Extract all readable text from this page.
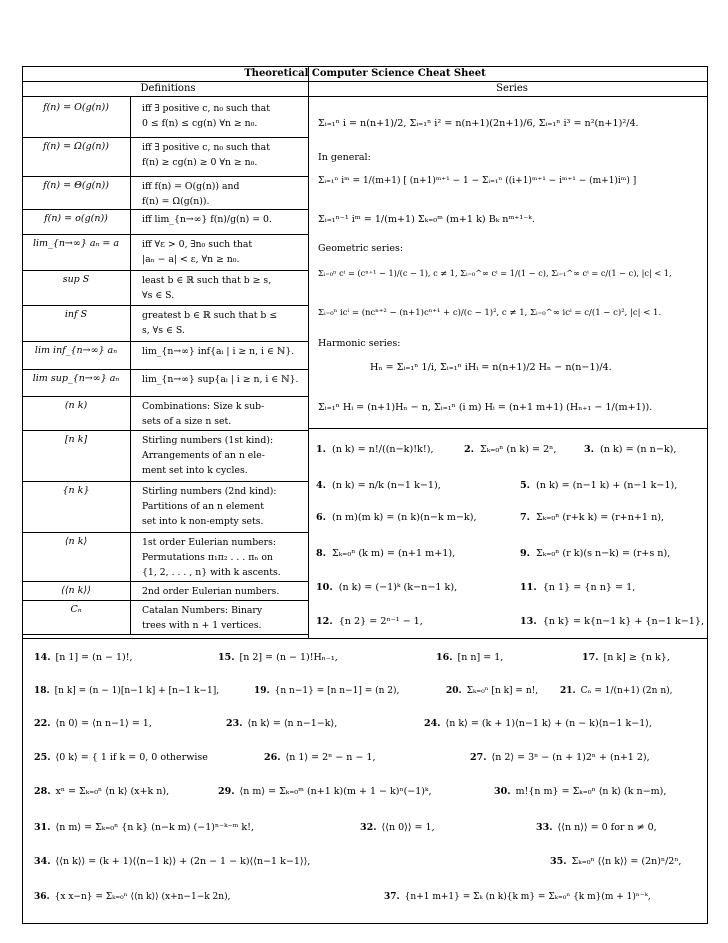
Theoretical Computer Science Cheat Sheet
Definitions	Series
f(n) = O(g(n))	iff ∃ positive c, n₀ such that
0 ≤ f(n) ≤ cg(n) ∀n ≥ n₀.
f(n) = Ω(g(n))	iff ∃ positive c, n₀ such that
f(n) ≥ cg(n) ≥ 0 ∀n ≥ n₀.
f(n) = Θ(g(n))	iff f(n) = O(g(n)) and
f(n) = Ω(g(n)).
f(n) = o(g(n))	iff lim_{n→∞} f(n)/g(n) = 0.
lim_{n→∞} aₙ = a	iff ∀ε > 0, ∃n₀ such that
|aₙ − a| < ε, ∀n ≥ n₀.
sup S	least b ∈ ℝ such that b ≥ s,
∀s ∈ S.
inf S	greatest b ∈ ℝ such that b ≤
s, ∀s ∈ S.
lim inf_{n→∞} aₙ	lim_{n→∞} inf{aᵢ | i ≥ n, i ∈ ℕ}.
lim sup_{n→∞} aₙ	lim_{n→∞} sup{aᵢ | i ≥ n, i ∈ ℕ}.
(n k)	Combinations: Size k sub-
sets of a size n set.
[n k]	Stirling numbers (1st kind):
Arrangements of an n ele-
ment set into k cycles.
{n k}	Stirling numbers (2nd kind):
Partitions of an n element
set into k non-empty sets.
⟨n k⟩	1st order Eulerian numbers:
Permutations π₁π₂ . . . πₙ on
{1, 2, . . . , n} with k ascents.
⟨⟨n k⟩⟩	2nd order Eulerian numbers.
Cₙ	Catalan Numbers: Binary
trees with n + 1 vertices.
Σᵢ₌₁ⁿ i = n(n+1)/2, Σᵢ₌₁ⁿ i² = n(n+1)(2n+1)/6, Σᵢ₌₁ⁿ i³ = n²(n+1)²/4.
In general:
Σᵢ₌₁ⁿ iᵐ = 1/(m+1) [ (n+1)ᵐ⁺¹ − 1 − Σᵢ₌₁ⁿ ((i+1)ᵐ⁺¹ − iᵐ⁺¹ − (m+1)iᵐ) ]
Σᵢ₌₁ⁿ⁻¹ iᵐ = 1/(m+1) Σₖ₌₀ᵐ (m+1 k) Bₖ nᵐ⁺¹⁻ᵏ.
Geometric series:
Σᵢ₌₀ⁿ cⁱ = (cⁿ⁺¹ − 1)/(c − 1), c ≠ 1, Σᵢ₌₀^∞ cⁱ = 1/(1 − c), Σᵢ₌₁^∞ cⁱ = c/(1 − c), |c| < 1,
Σᵢ₌₀ⁿ icⁱ = (ncⁿ⁺² − (n+1)cⁿ⁺¹ + c)/(c − 1)², c ≠ 1, Σᵢ₌₀^∞ icⁱ = c/(1 − c)², |c| < 1.
Harmonic series:
Hₙ = Σᵢ₌₁ⁿ 1/i, Σᵢ₌₁ⁿ iHᵢ = n(n+1)/2 Hₙ − n(n−1)/4.
Σᵢ₌₁ⁿ Hᵢ = (n+1)Hₙ − n, Σᵢ₌₁ⁿ (i m) Hᵢ = (n+1 m+1) (Hₙ₊₁ − 1/(m+1)).
1. (n k) = n!/((n−k)!k!),	2. Σₖ₌₀ⁿ (n k) = 2ⁿ,	3. (n k) = (n n−k),
4. (n k) = n/k (n−1 k−1),	5. (n k) = (n−1 k) + (n−1 k−1),
6. (n m)(m k) = (n k)(n−k m−k),	7. Σₖ₌₀ⁿ (r+k k) = (r+n+1 n),
8. Σₖ₌₀ⁿ (k m) = (n+1 m+1),	9. Σₖ₌₀ⁿ (r k)(s n−k) = (r+s n),
10. (n k) = (−1)ᵏ (k−n−1 k),	11. {n 1} = {n n} = 1,
12. {n 2} = 2ⁿ⁻¹ − 1,	13. {n k} = k{n−1 k} + {n−1 k−1},
14. [n 1] = (n − 1)!,	15. [n 2] = (n − 1)!Hₙ₋₁,	16. [n n] = 1,	17. [n k] ≥ {n k},
18. [n k] = (n − 1)[n−1 k] + [n−1 k−1],	19. {n n−1} = [n n−1] = (n 2),	20. Σₖ₌₀ⁿ [n k] = n!, 21. Cₙ = 1/(n+1) (2n n),
22. ⟨n 0⟩ = ⟨n n−1⟩ = 1,	23. ⟨n k⟩ = ⟨n n−1−k⟩,	24. ⟨n k⟩ = (k + 1)⟨n−1 k⟩ + (n − k)⟨n−1 k−1⟩,
25. ⟨0 k⟩ = { 1 if k = 0, 0 otherwise	26. ⟨n 1⟩ = 2ⁿ − n − 1,	27. ⟨n 2⟩ = 3ⁿ − (n + 1)2ⁿ + (n+1 2),
28. xⁿ = Σₖ₌₀ⁿ ⟨n k⟩ (x+k n),	29. ⟨n m⟩ = Σₖ₌₀ᵐ (n+1 k)(m + 1 − k)ⁿ(−1)ᵏ,	30. m!{n m} = Σₖ₌₀ⁿ ⟨n k⟩ (k n−m),
31. ⟨n m⟩ = Σₖ₌₀ⁿ {n k} (n−k m) (−1)ⁿ⁻ᵏ⁻ᵐ k!,	32. ⟨⟨n 0⟩⟩ = 1,	33. ⟨⟨n n⟩⟩ = 0 for n ≠ 0,
34. ⟨⟨n k⟩⟩ = (k + 1)⟨⟨n−1 k⟩⟩ + (2n − 1 − k)⟨⟨n−1 k−1⟩⟩,	35. Σₖ₌₀ⁿ ⟨⟨n k⟩⟩ = (2n)ⁿ/2ⁿ,
36. {x x−n} = Σₖ₌₀ⁿ ⟨⟨n k⟩⟩ (x+n−1−k 2n),	37. {n+1 m+1} = Σₖ (n k){k m} = Σₖ₌₀ⁿ {k m}(m + 1)ⁿ⁻ᵏ,
